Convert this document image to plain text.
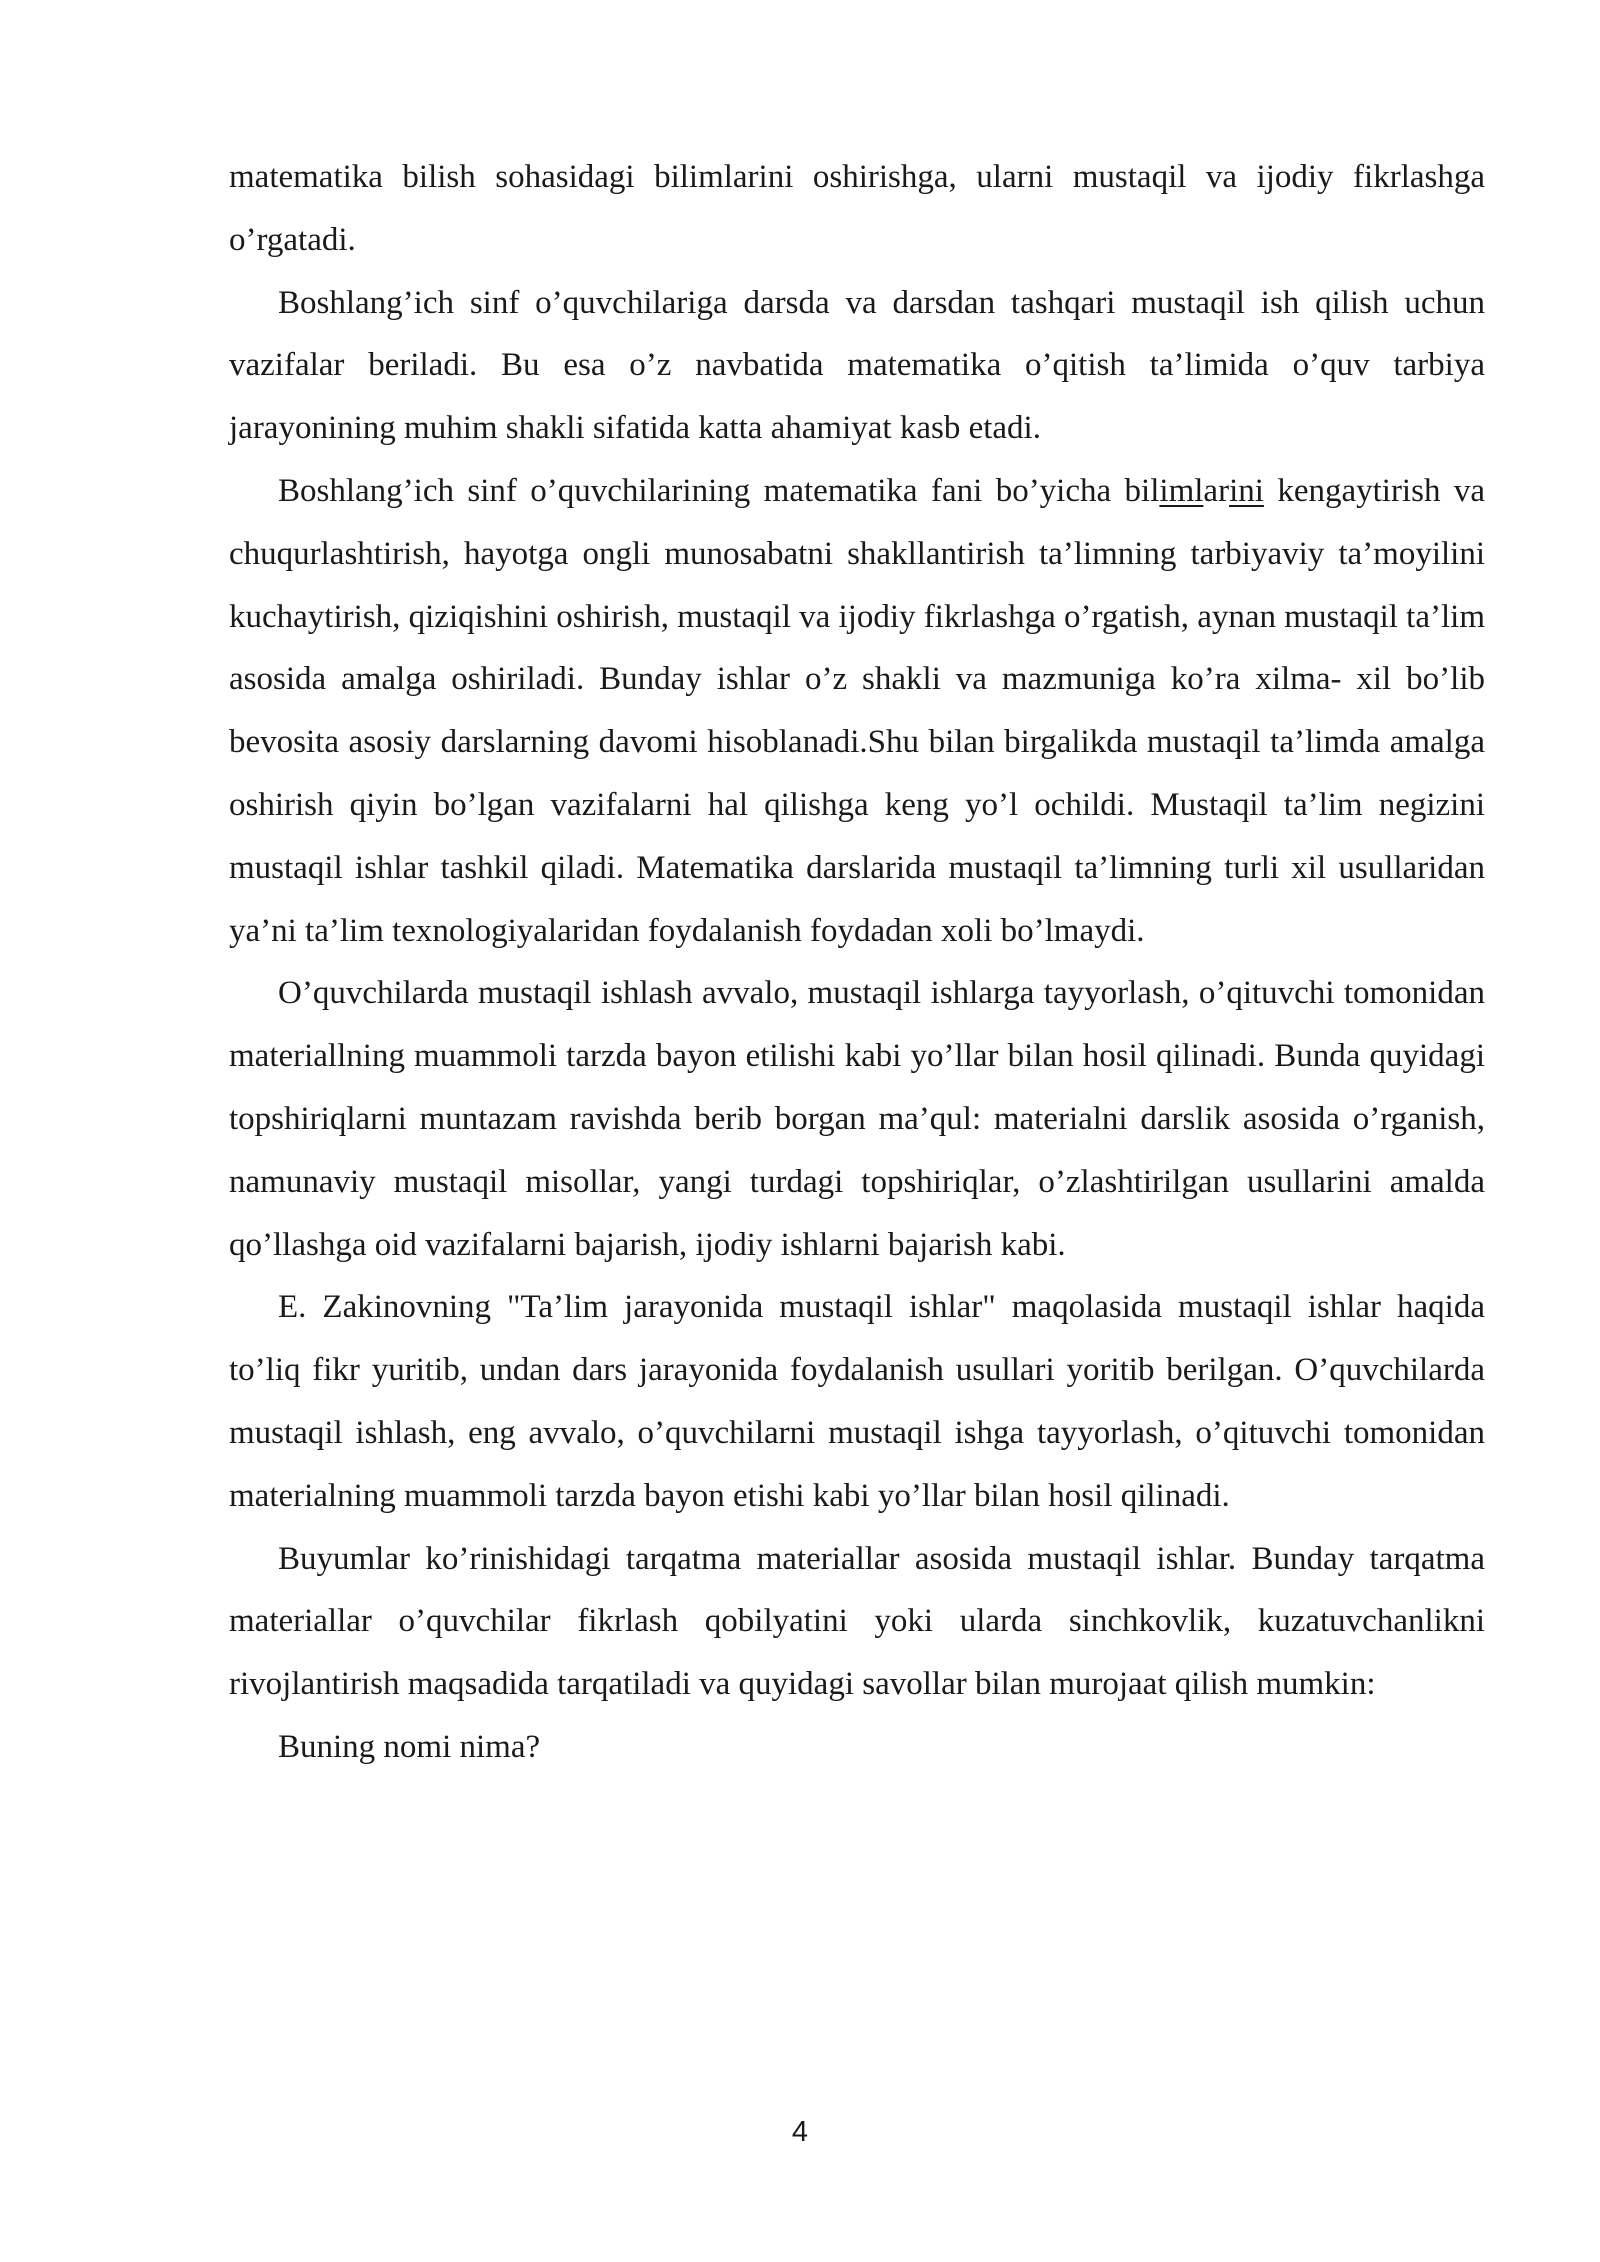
matematika bilish sohasidagi bilimlarini oshirishga, ularni mustaqil va ijodiy fikrlashga o’rgatadi.

Boshlang’ich sinf o’quvchilariga darsda va darsdan tashqari mustaqil ish qilish uchun vazifalar beriladi. Bu esa o’z navbatida matematika o’qitish ta’limida o’quv tarbiya jarayonining muhim shakli sifatida katta ahamiyat kasb etadi.

Boshlang’ich sinf o’quvchilarining matematika fani bo’yicha bilimlarini kengaytirish va chuqurlashtirish, hayotga ongli munosabatni shakllantirish ta’limning tarbiyaviy ta’moyilini kuchaytirish, qiziqishini oshirish, mustaqil va ijodiy fikrlashga o’rgatish, aynan mustaqil ta’lim asosida amalga oshiriladi. Bunday ishlar o’z shakli va mazmuniga ko’ra xilma- xil bo’lib bevosita asosiy darslarning davomi hisoblanadi.Shu bilan birgalikda mustaqil ta’limda amalga oshirish qiyin bo’lgan vazifalarni hal qilishga keng yo’l ochildi. Mustaqil ta’lim negizini mustaqil ishlar tashkil qiladi. Matematika darslarida mustaqil ta’limning turli xil usullaridan ya’ni ta’lim texnologiyalaridan foydalanish foydadan xoli bo’lmaydi.

O’quvchilarda mustaqil ishlash avvalo, mustaqil ishlarga tayyorlash, o’qituvchi tomonidan materiallning muammoli tarzda bayon etilishi kabi yo’llar bilan hosil qilinadi. Bunda quyidagi topshiriqlarni muntazam ravishda berib borgan ma’qul: materialni darslik asosida o’rganish, namunaviy mustaqil misollar, yangi turdagi topshiriqlar, o’zlashtirilgan usullarini amalda qo’llashga oid vazifalarni bajarish, ijodiy ishlarni bajarish kabi.

E. Zakinovning "Ta’lim jarayonida mustaqil ishlar" maqolasida mustaqil ishlar haqida to’liq fikr yuritib, undan dars jarayonida foydalanish usullari yoritib berilgan. O’quvchilarda mustaqil ishlash, eng avvalo, o’quvchilarni mustaqil ishga tayyorlash, o’qituvchi tomonidan materialning muammoli tarzda bayon etishi kabi yo’llar bilan hosil qilinadi.

Buyumlar ko’rinishidagi tarqatma materiallar asosida mustaqil ishlar. Bunday tarqatma materiallar o’quvchilar fikrlash qobilyatini yoki ularda sinchkovlik, kuzatuvchanlikni rivojlantirish maqsadida tarqatiladi va quyidagi savollar bilan murojaat qilish mumkin:

Buning nomi nima?

4
